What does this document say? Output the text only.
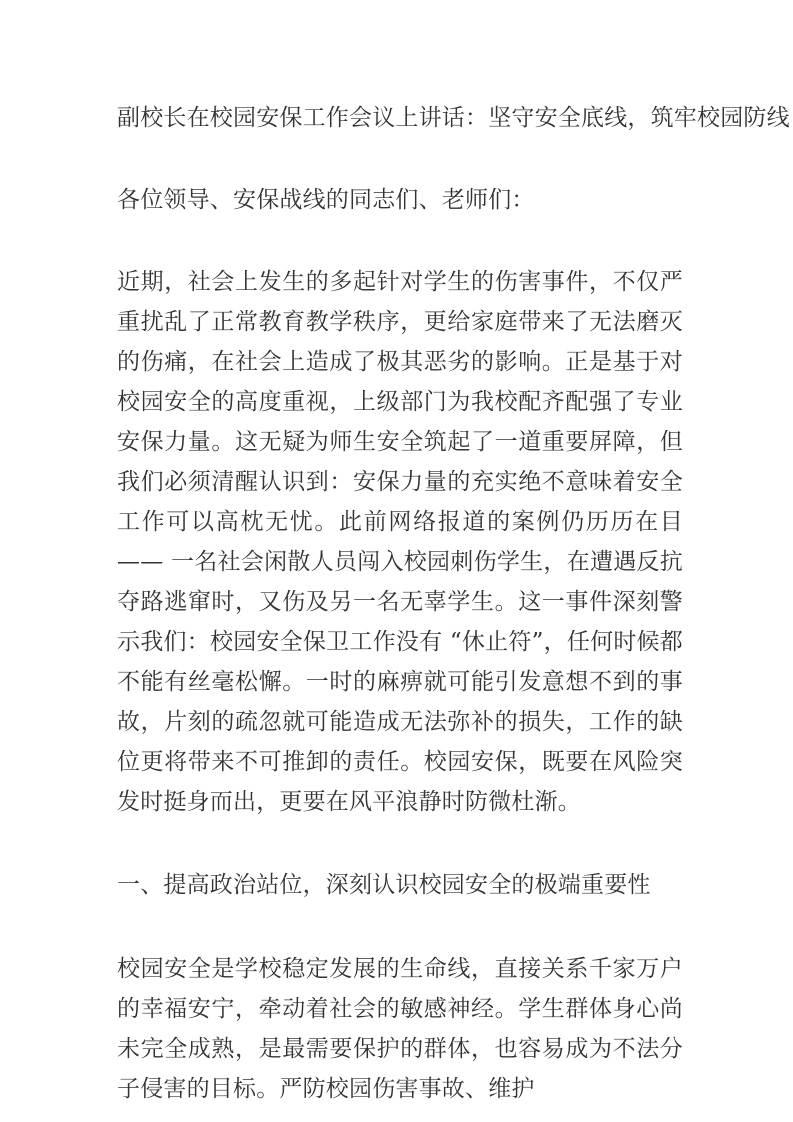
副校长在校园安保工作会议上讲话：坚守安全底线，筑牢校园防线

各位领导、安保战线的同志们、老师们：

近期，社会上发生的多起针对学生的伤害事件，不仅严重扰乱了正常教育教学秩序，更给家庭带来了无法磨灭的伤痛，在社会上造成了极其恶劣的影响。正是基于对校园安全的高度重视，上级部门为我校配齐配强了专业安保力量。这无疑为师生安全筑起了一道重要屏障，但我们必须清醒认识到：安保力量的充实绝不意味着安全工作可以高枕无忧。此前网络报道的案例仍历历在目 —— 一名社会闲散人员闯入校园刺伤学生，在遭遇反抗夺路逃窜时，又伤及另一名无辜学生。这一事件深刻警示我们：校园安全保卫工作没有 “休止符”，任何时候都不能有丝毫松懈。一时的麻痹就可能引发意想不到的事故，片刻的疏忽就可能造成无法弥补的损失，工作的缺位更将带来不可推卸的责任。校园安保，既要在风险突发时挺身而出，更要在风平浪静时防微杜渐。

一、提高政治站位，深刻认识校园安全的极端重要性

校园安全是学校稳定发展的生命线，直接关系千家万户的幸福安宁，牵动着社会的敏感神经。学生群体身心尚未完全成熟，是最需要保护的群体，也容易成为不法分子侵害的目标。严防校园伤害事故、维护
